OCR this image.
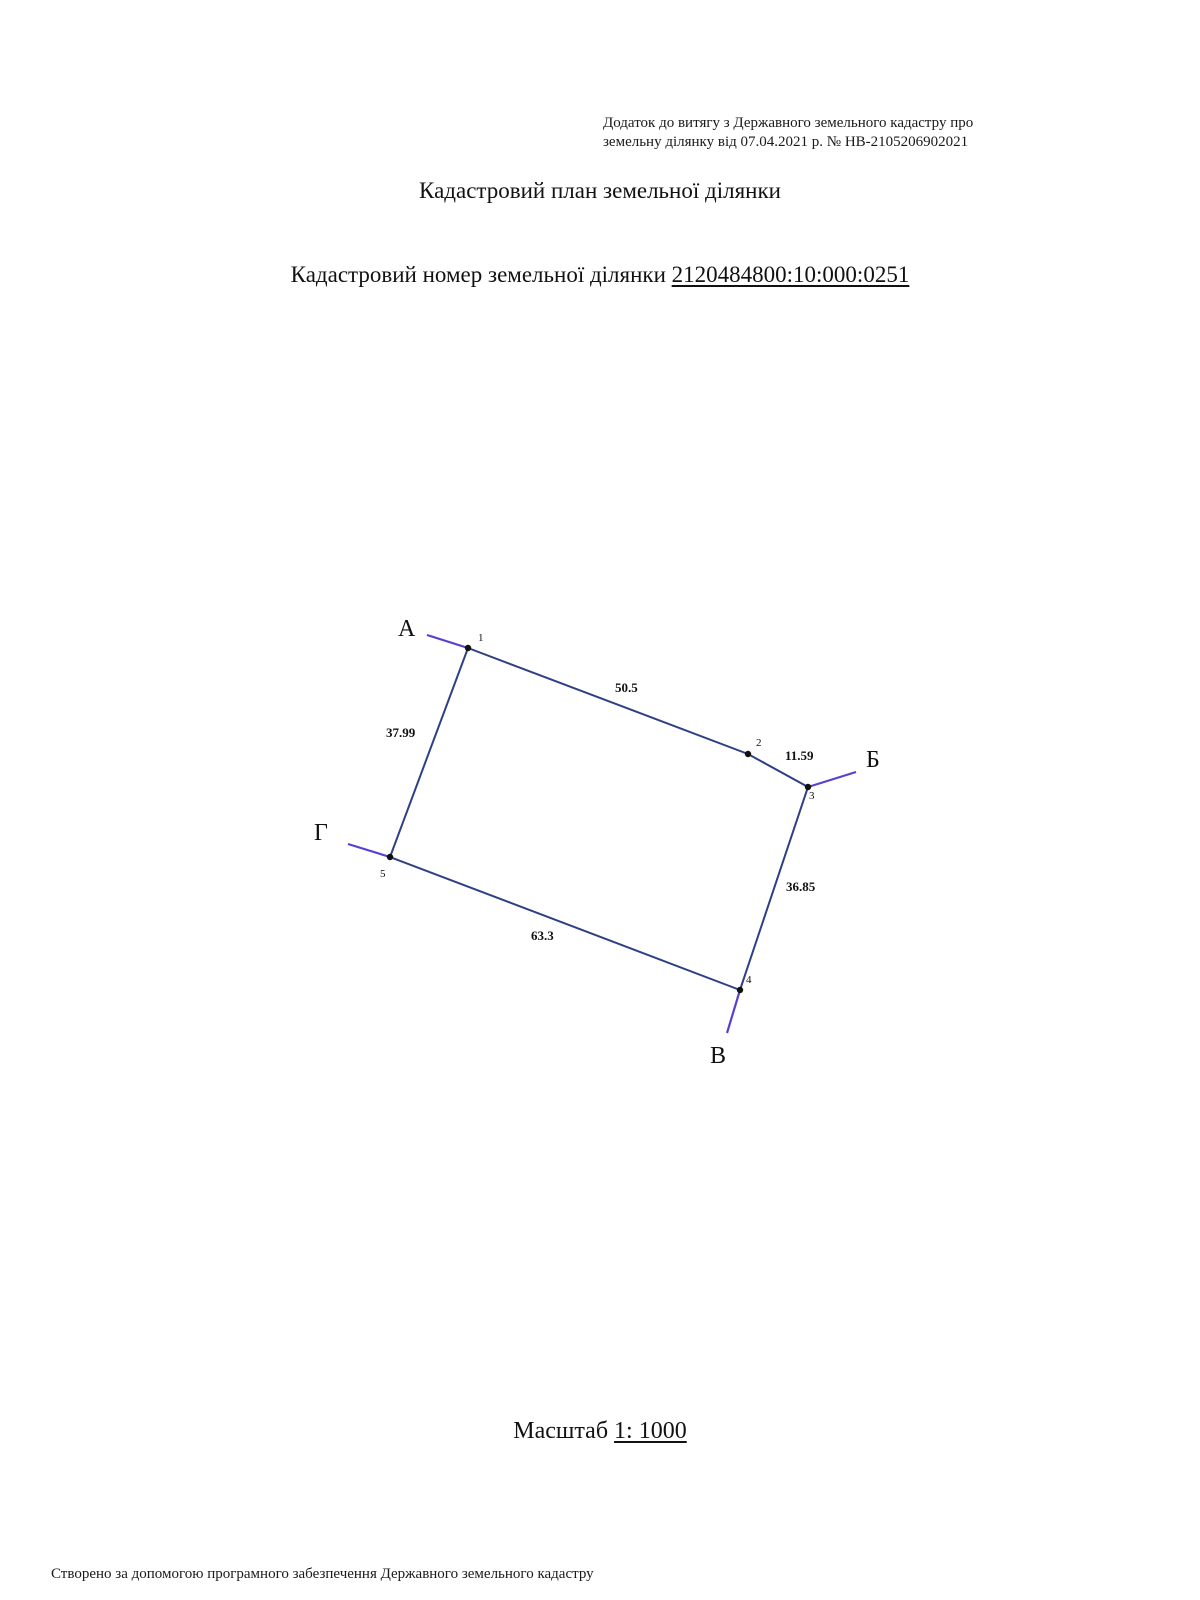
Додаток до витягу з Державного земельного кадастру про
земельну ділянку від 07.04.2021 р. № НВ-2105206902021
Кадастровий план земельної ділянки
Кадастровий номер земельної ділянки 2120484800:10:000:0251
1
2
3
4
5
50.5
11.59
36.85
63.3
37.99
А
Б
В
Г
Масштаб 1: 1000
Створено за допомогою програмного забезпечення Державного земельного кадастру
